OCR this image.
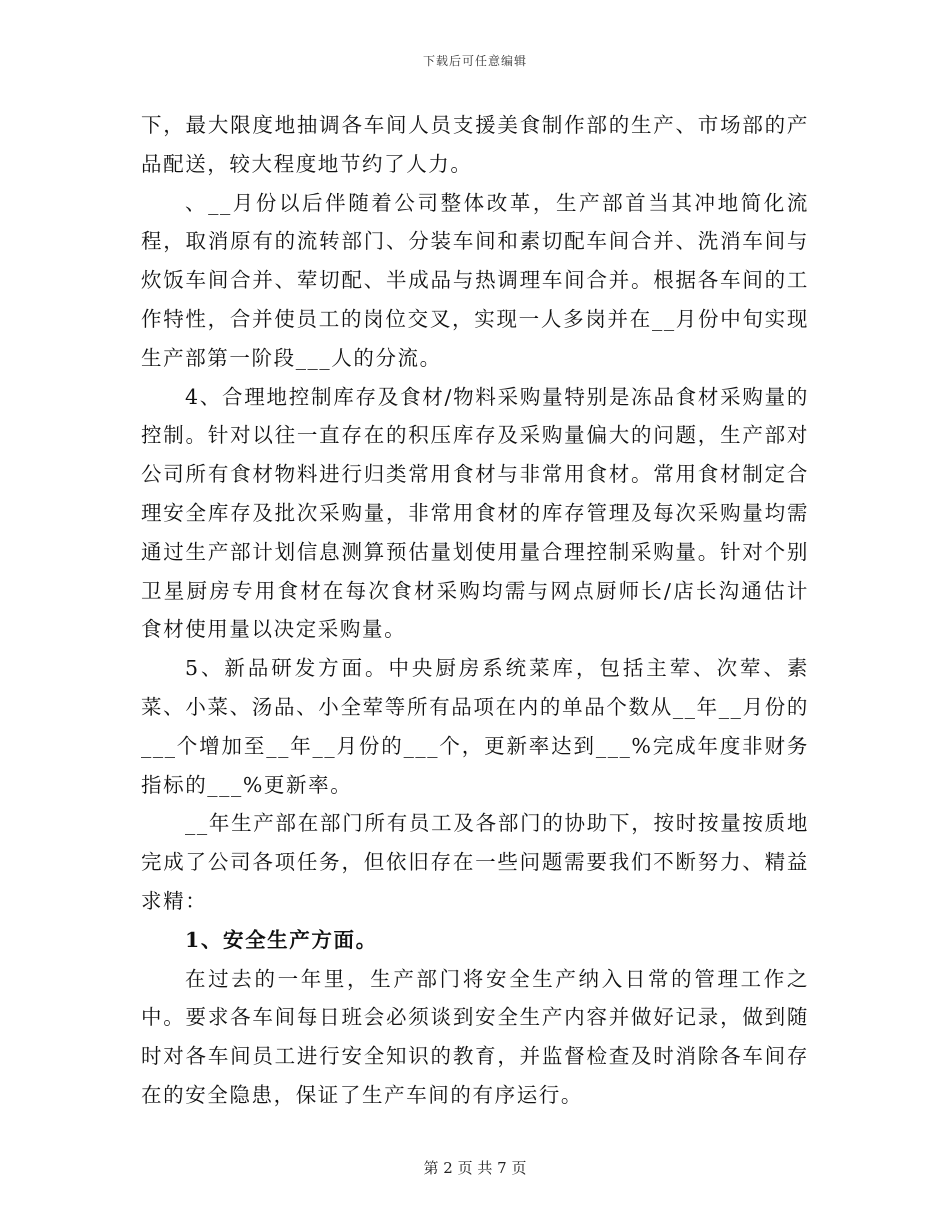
下载后可任意编辑

下，最大限度地抽调各车间人员支援美食制作部的生产、市场部的产品配送，较大程度地节约了人力。

、__月份以后伴随着公司整体改革，生产部首当其冲地简化流程，取消原有的流转部门、分装车间和素切配车间合并、洗消车间与炊饭车间合并、荤切配、半成品与热调理车间合并。根据各车间的工作特性，合并使员工的岗位交叉，实现一人多岗并在__月份中旬实现生产部第一阶段___人的分流。

4、合理地控制库存及食材/物料采购量特别是冻品食材采购量的控制。针对以往一直存在的积压库存及采购量偏大的问题，生产部对公司所有食材物料进行归类常用食材与非常用食材。常用食材制定合理安全库存及批次采购量，非常用食材的库存管理及每次采购量均需通过生产部计划信息测算预估量划使用量合理控制采购量。针对个别卫星厨房专用食材在每次食材采购均需与网点厨师长/店长沟通估计食材使用量以决定采购量。

5、新品研发方面。中央厨房系统菜库，包括主荤、次荤、素菜、小菜、汤品、小全荤等所有品项在内的单品个数从__年__月份的___个增加至__年__月份的___个，更新率达到___%完成年度非财务指标的___%更新率。

__年生产部在部门所有员工及各部门的协助下，按时按量按质地完成了公司各项任务，但依旧存在一些问题需要我们不断努力、精益求精：

1、安全生产方面。

在过去的一年里，生产部门将安全生产纳入日常的管理工作之中。要求各车间每日班会必须谈到安全生产内容并做好记录，做到随时对各车间员工进行安全知识的教育，并监督检查及时消除各车间存在的安全隐患，保证了生产车间的有序运行。

第 2 页 共 7 页
